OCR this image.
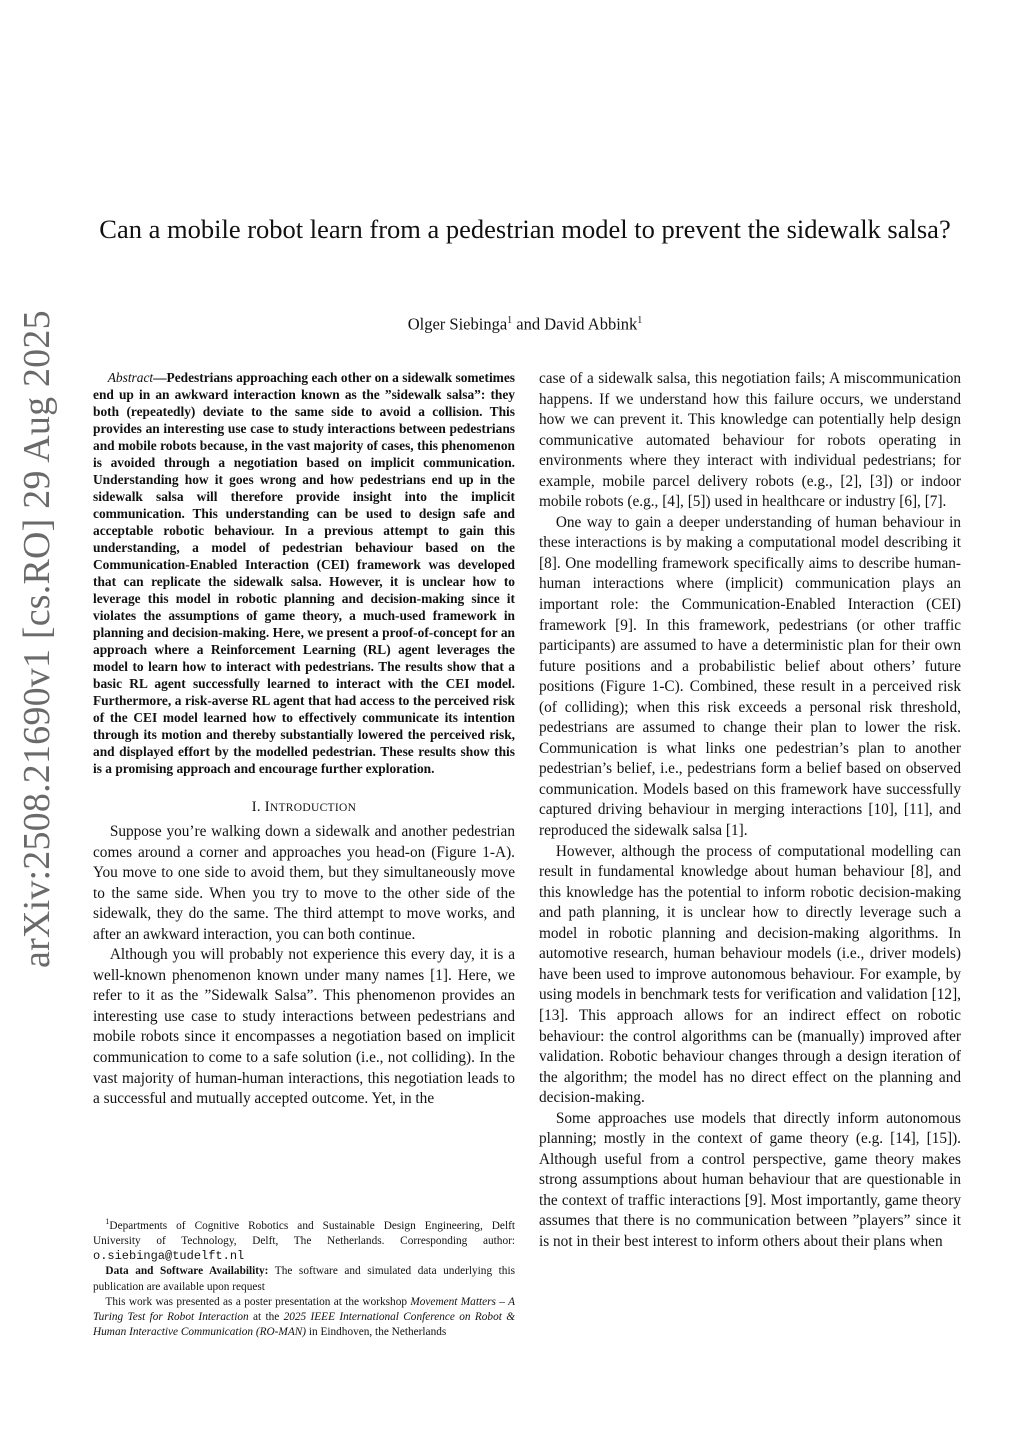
arXiv:2508.21690v1 [cs.RO] 29 Aug 2025
Can a mobile robot learn from a pedestrian model to prevent the sidewalk salsa?
Olger Siebinga$^1$ and David Abbink$^1$

Abstract—Pedestrians approaching each other on a sidewalk sometimes end up in an awkward interaction known as the ”sidewalk salsa”: they both (repeatedly) deviate to the same side to avoid a collision. This provides an interesting use case to study interactions between pedestrians and mobile robots because, in the vast majority of cases, this phenomenon is avoided through a negotiation based on implicit communication. Understanding how it goes wrong and how pedestrians end up in the sidewalk salsa will therefore provide insight into the implicit communication. This understanding can be used to design safe and acceptable robotic behaviour. In a previous attempt to gain this understanding, a model of pedestrian behaviour based on the Communication-Enabled Interaction (CEI) framework was developed that can replicate the sidewalk salsa. However, it is unclear how to leverage this model in robotic planning and decision-making since it violates the assumptions of game theory, a much-used framework in planning and decision-making. Here, we present a proof-of-concept for an approach where a Reinforcement Learning (RL) agent leverages the model to learn how to interact with pedestrians. The results show that a basic RL agent successfully learned to interact with the CEI model. Furthermore, a risk-averse RL agent that had access to the perceived risk of the CEI model learned how to effectively communicate its intention through its motion and thereby substantially lowered the perceived risk, and displayed effort by the modelled pedestrian. These results show this is a promising approach and encourage further exploration.

I. INTRODUCTION

Suppose you’re walking down a sidewalk and another pedestrian comes around a corner and approaches you head-on (Figure 1-A). You move to one side to avoid them, but they simultaneously move to the same side. When you try to move to the other side of the sidewalk, they do the same. The third attempt to move works, and after an awkward interaction, you can both continue.

Although you will probably not experience this every day, it is a well-known phenomenon known under many names [1]. Here, we refer to it as the ”Sidewalk Salsa”. This phenomenon provides an interesting use case to study interactions between pedestrians and mobile robots since it encompasses a negotiation based on implicit communication to come to a safe solution (i.e., not colliding). In the vast majority of human-human interactions, this negotiation leads to a successful and mutually accepted outcome. Yet, in the

$^1$Departments of Cognitive Robotics and Sustainable Design Engineering, Delft University of Technology, Delft, The Netherlands. Corresponding author: o.siebinga@tudelft.nl

Data and Software Availability: The software and simulated data underlying this publication are available upon request

This work was presented as a poster presentation at the workshop Movement Matters – A Turing Test for Robot Interaction at the 2025 IEEE International Conference on Robot & Human Interactive Communication (RO-MAN) in Eindhoven, the Netherlands

case of a sidewalk salsa, this negotiation fails; A miscommunication happens. If we understand how this failure occurs, we understand how we can prevent it. This knowledge can potentially help design communicative automated behaviour for robots operating in environments where they interact with individual pedestrians; for example, mobile parcel delivery robots (e.g., [2], [3]) or indoor mobile robots (e.g., [4], [5]) used in healthcare or industry [6], [7].

One way to gain a deeper understanding of human behaviour in these interactions is by making a computational model describing it [8]. One modelling framework specifically aims to describe human-human interactions where (implicit) communication plays an important role: the Communication-Enabled Interaction (CEI) framework [9]. In this framework, pedestrians (or other traffic participants) are assumed to have a deterministic plan for their own future positions and a probabilistic belief about others’ future positions (Figure 1-C). Combined, these result in a perceived risk (of colliding); when this risk exceeds a personal risk threshold, pedestrians are assumed to change their plan to lower the risk. Communication is what links one pedestrian’s plan to another pedestrian’s belief, i.e., pedestrians form a belief based on observed communication. Models based on this framework have successfully captured driving behaviour in merging interactions [10], [11], and reproduced the sidewalk salsa [1].

However, although the process of computational modelling can result in fundamental knowledge about human behaviour [8], and this knowledge has the potential to inform robotic decision-making and path planning, it is unclear how to directly leverage such a model in robotic planning and decision-making algorithms. In automotive research, human behaviour models (i.e., driver models) have been used to improve autonomous behaviour. For example, by using models in benchmark tests for verification and validation [12], [13]. This approach allows for an indirect effect on robotic behaviour: the control algorithms can be (manually) improved after validation. Robotic behaviour changes through a design iteration of the algorithm; the model has no direct effect on the planning and decision-making.

Some approaches use models that directly inform autonomous planning; mostly in the context of game theory (e.g. [14], [15]). Although useful from a control perspective, game theory makes strong assumptions about human behaviour that are questionable in the context of traffic interactions [9]. Most importantly, game theory assumes that there is no communication between ”players” since it is not in their best interest to inform others about their plans when
